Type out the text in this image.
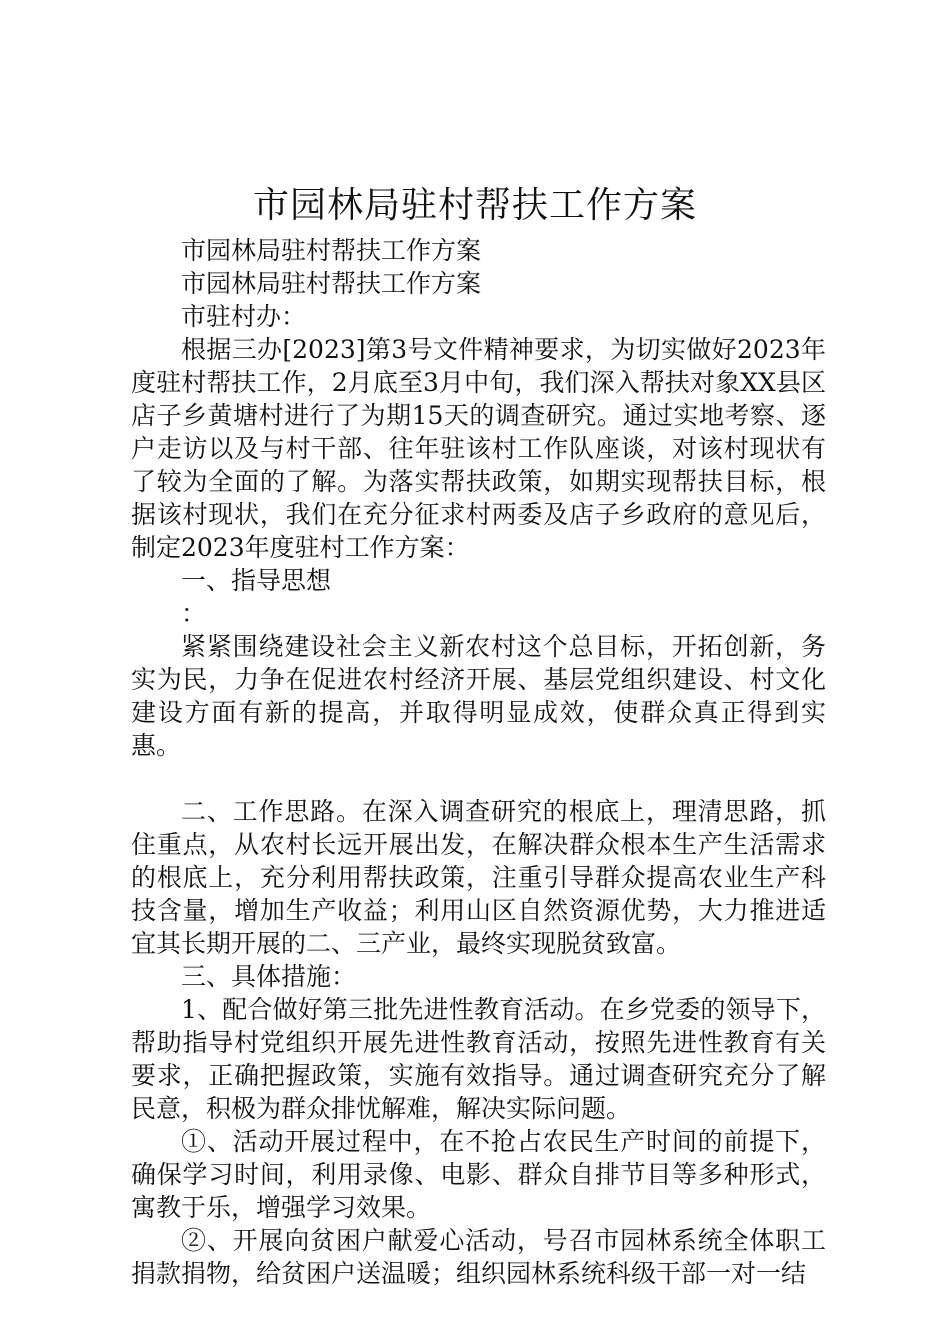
市园林局驻村帮扶工作方案

市园林局驻村帮扶工作方案

市园林局驻村帮扶工作方案

市驻村办：

根据三办[2023]第3号文件精神要求，为切实做好2023年度驻村帮扶工作，2月底至3月中旬，我们深入帮扶对象XX县区店子乡黄塘村进行了为期15天的调查研究。通过实地考察、逐户走访以及与村干部、往年驻该村工作队座谈，对该村现状有了较为全面的了解。为落实帮扶政策，如期实现帮扶目标，根据该村现状，我们在充分征求村两委及店子乡政府的意见后，制定2023年度驻村工作方案：

一、指导思想

：

紧紧围绕建设社会主义新农村这个总目标，开拓创新，务实为民，力争在促进农村经济开展、基层党组织建设、村文化建设方面有新的提高，并取得明显成效，使群众真正得到实惠。

二、工作思路。在深入调查研究的根底上，理清思路，抓住重点，从农村长远开展出发，在解决群众根本生产生活需求的根底上，充分利用帮扶政策，注重引导群众提高农业生产科技含量，增加生产收益；利用山区自然资源优势，大力推进适宜其长期开展的二、三产业，最终实现脱贫致富。

三、具体措施：

1、配合做好第三批先进性教育活动。在乡党委的领导下，帮助指导村党组织开展先进性教育活动，按照先进性教育有关要求，正确把握政策，实施有效指导。通过调查研究充分了解民意，积极为群众排忧解难，解决实际问题。

①、活动开展过程中，在不抢占农民生产时间的前提下，确保学习时间，利用录像、电影、群众自排节目等多种形式，寓教于乐，增强学习效果。

②、开展向贫困户献爱心活动，号召市园林系统全体职工捐款捐物，给贫困户送温暖；组织园林系统科级干部一对一结
